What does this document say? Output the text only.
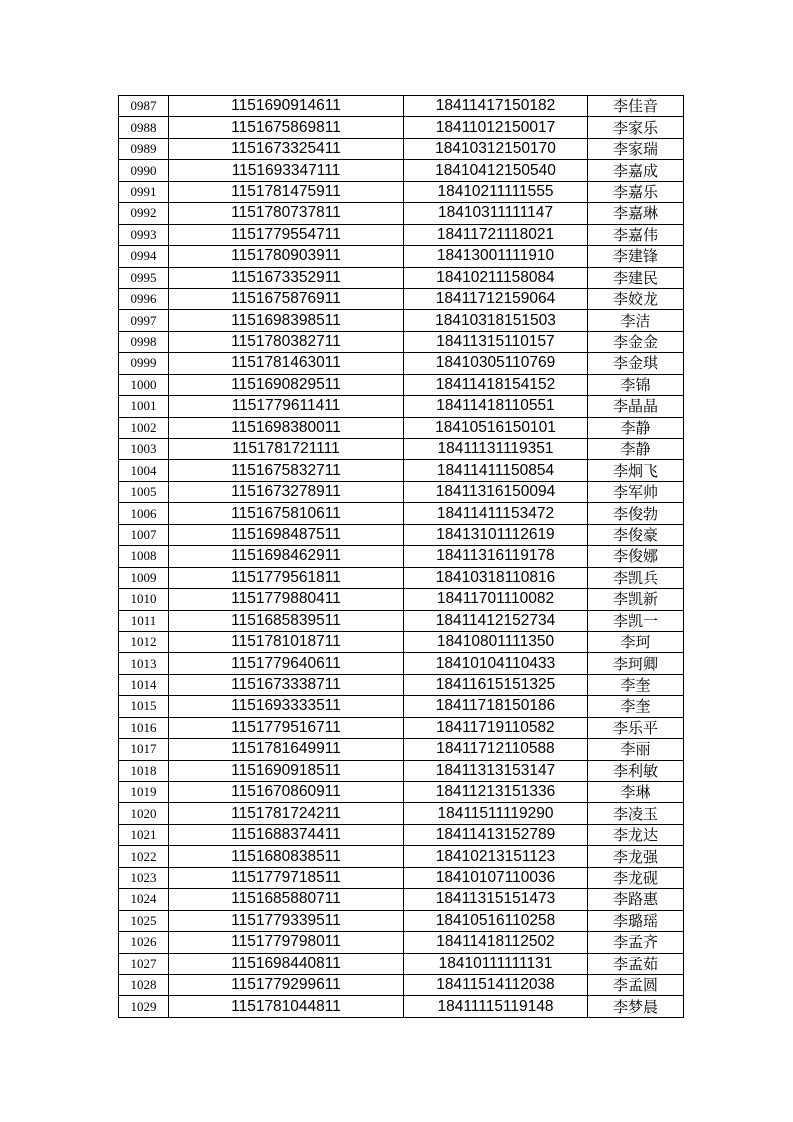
0987	1151690914611	18411417150182	李佳音
0988	1151675869811	18411012150017	李家乐
0989	1151673325411	18410312150170	李家瑞
0990	1151693347111	18410412150540	李嘉成
0991	1151781475911	18410211111555	李嘉乐
0992	1151780737811	18410311111147	李嘉琳
0993	1151779554711	18411721118021	李嘉伟
0994	1151780903911	18413001111910	李建锋
0995	1151673352911	18410211158084	李建民
0996	1151675876911	18411712159064	李姣龙
0997	1151698398511	18410318151503	李洁
0998	1151780382711	18411315110157	李金金
0999	1151781463011	18410305110769	李金琪
1000	1151690829511	18411418154152	李锦
1001	1151779611411	18411418110551	李晶晶
1002	1151698380011	18410516150101	李静
1003	1151781721111	18411131119351	李静
1004	1151675832711	18411411150854	李炯飞
1005	1151673278911	18411316150094	李军帅
1006	1151675810611	18411411153472	李俊勃
1007	1151698487511	18413101112619	李俊豪
1008	1151698462911	18411316119178	李俊娜
1009	1151779561811	18410318110816	李凯兵
1010	1151779880411	18411701110082	李凯新
1011	1151685839511	18411412152734	李凯一
1012	1151781018711	18410801111350	李珂
1013	1151779640611	18410104110433	李珂卿
1014	1151673338711	18411615151325	李奎
1015	1151693333511	18411718150186	李奎
1016	1151779516711	18411719110582	李乐平
1017	1151781649911	18411712110588	李丽
1018	1151690918511	18411313153147	李利敏
1019	1151670860911	18411213151336	李琳
1020	1151781724211	18411511119290	李凌玉
1021	1151688374411	18411413152789	李龙达
1022	1151680838511	18410213151123	李龙强
1023	1151779718511	18410107110036	李龙砚
1024	1151685880711	18411315151473	李路惠
1025	1151779339511	18410516110258	李璐瑶
1026	1151779798011	18411418112502	李孟齐
1027	1151698440811	18410111111131	李孟茹
1028	1151779299611	18411514112038	李孟圆
1029	1151781044811	18411115119148	李梦晨
